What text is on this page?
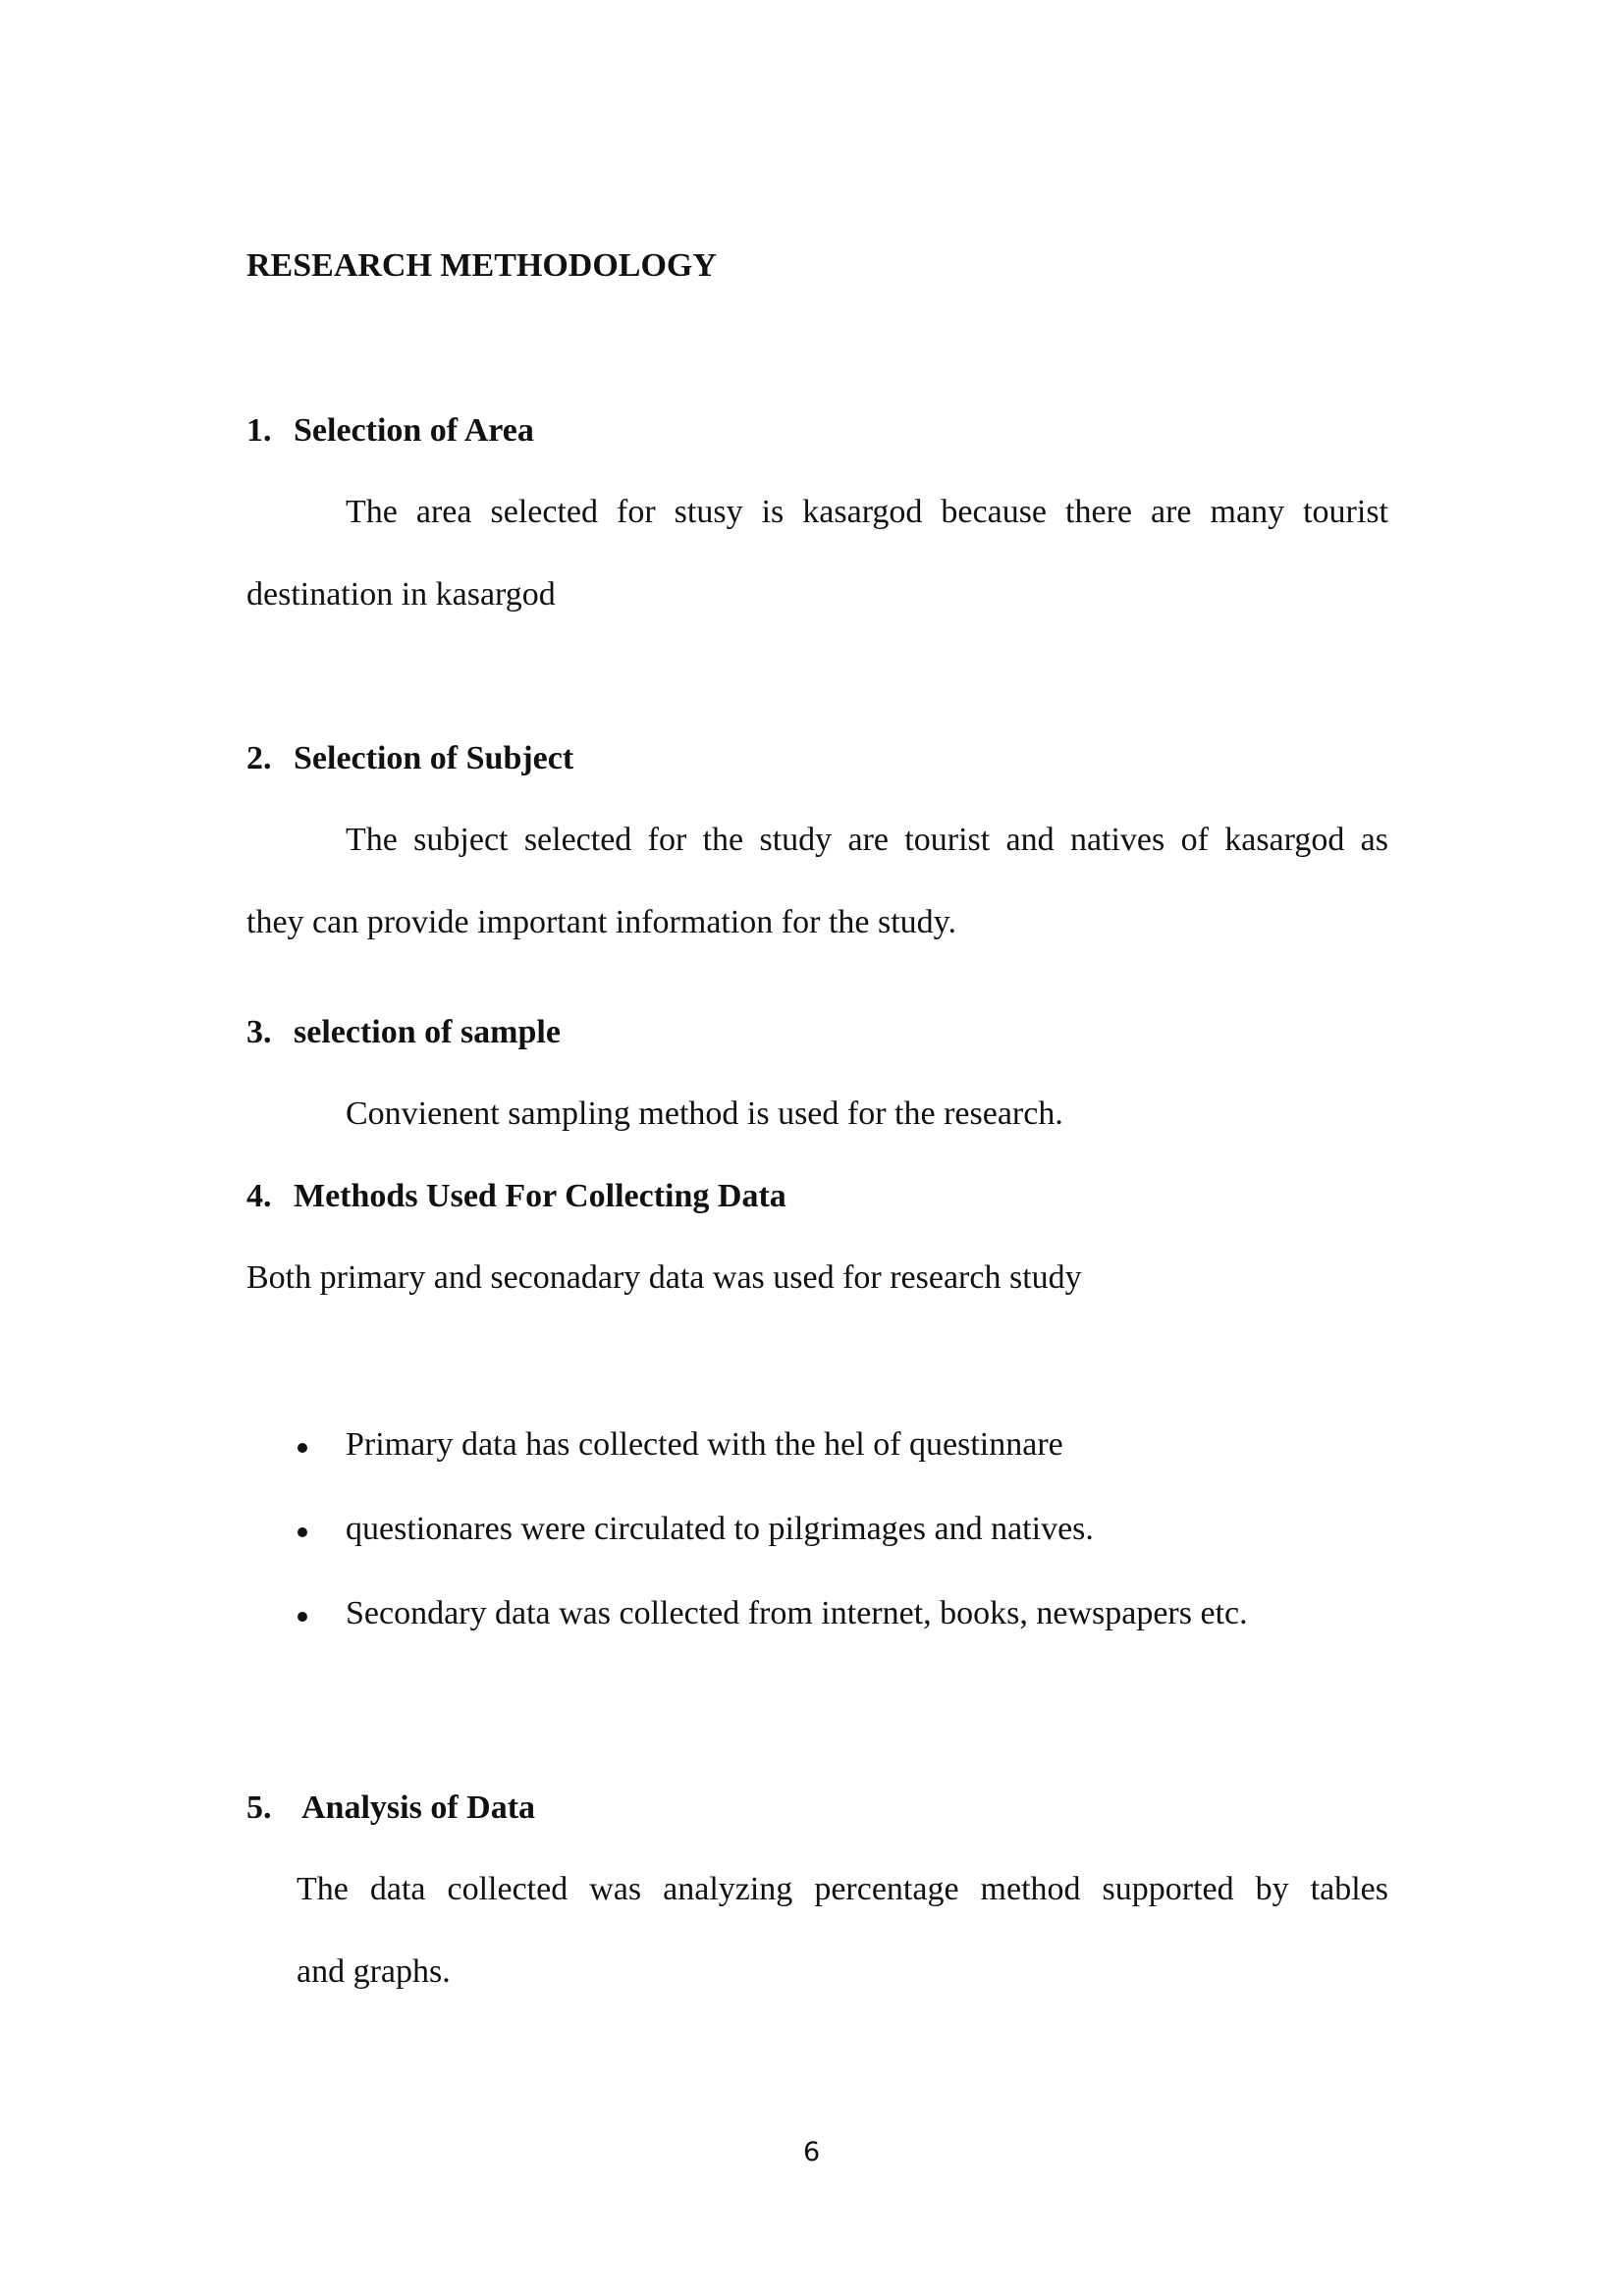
RESEARCH METHODOLOGY
1. Selection of Area
The area selected for stusy is kasargod because there are many tourist
destination in kasargod
2. Selection of Subject
The subject selected for the study are tourist and natives of kasargod as
they can provide important information for the study.
3. selection of sample
Convienent sampling method is used for the research.
4. Methods Used For Collecting Data
Both primary and seconadary data was used for research study
Primary data has collected with the hel of questinnare
questionares were circulated to pilgrimages and natives.
Secondary data was collected from internet, books, newspapers etc.
5. Analysis of Data
The data collected was analyzing percentage method supported by tables
and graphs.
6
